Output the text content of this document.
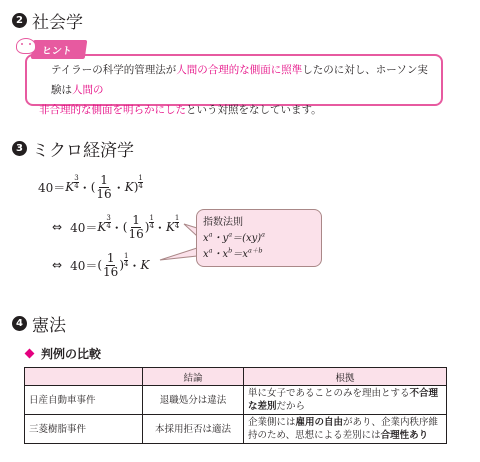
2 社会学
ヒント
テイラーの科学的管理法が人間の合理的な側面に照準したのに対し、ホーソン実験は人間の
非合理的な側面を明らかにしたという対照をなしています。
3 ミクロ経済学
40＝ K
3
4 ・ ( $\frac{1}{16}$ ・ K )
1
4
⇔ 40＝ K
3
4 ・ ( $\frac{1}{16}$ )
1
4 ・ K
1
4
⇔ 40＝ ( $\frac{1}{16}$ )
1
4 ・ K
指数法則
$x^a$・$y^a=(xy)^a$
$x^a$・$x^b=x^{a+b}$
4 憲法
判例の比較
	結論	根拠
日産自動車事件	退職処分は違法	単に女子であることのみを理由とする不合理な差別だから
三菱樹脂事件	本採用拒否は適法	企業側には雇用の自由があり、企業内秩序維持のため、思想による差別には合理性あり
